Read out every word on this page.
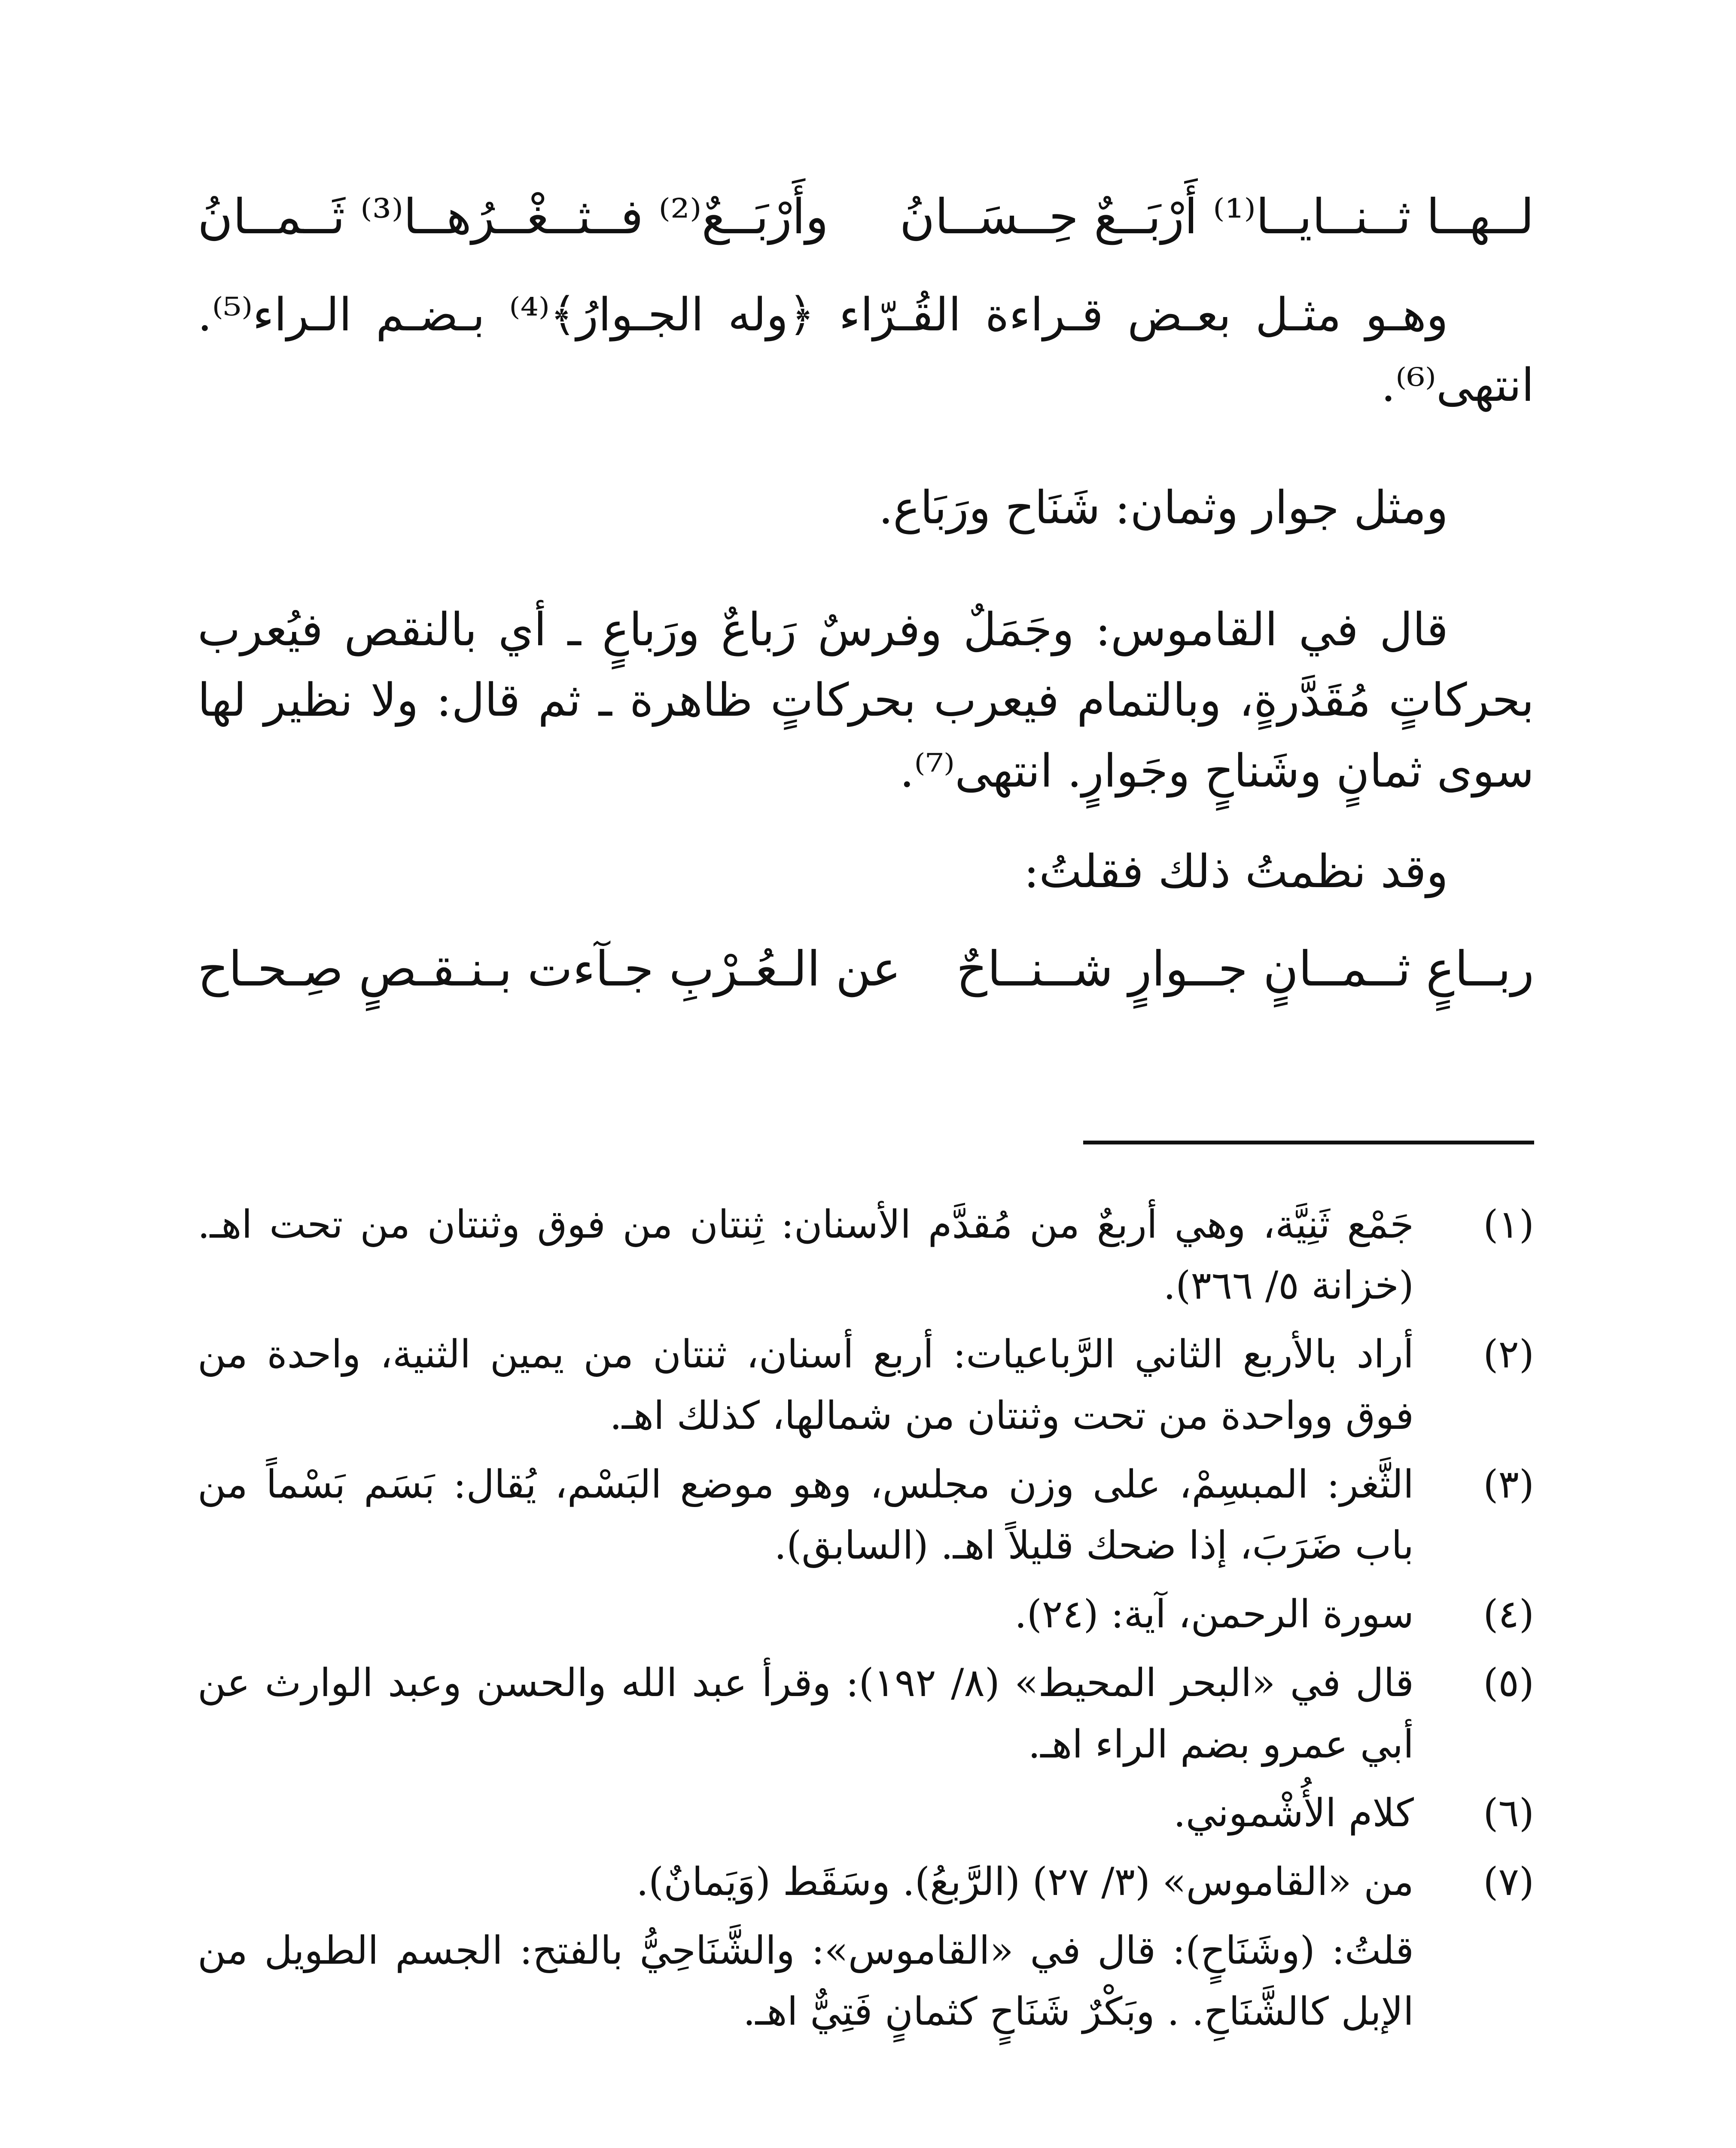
لــهــا ثــنــايــا⁽¹⁾ أَرْبَــعٌ حِــسَــانُ
وأَرْبَــعٌ⁽²⁾ فــثــغْــرُهــا⁽³⁾ ثَــمــانُ

وهـو مثـل بعـض قـراءة القُـرّاء ﴿وله الجـوارُ﴾⁽⁴⁾ بـضـم الـراء⁽⁵⁾. انتهى⁽⁶⁾.

ومثل جوار وثمان: شَنَاح ورَبَاع.

قال في القاموس: وجَمَلٌ وفرسٌ رَباعٌ ورَباعٍ ـ أي بالنقص فيُعرب بحركاتٍ مُقَدَّرةٍ، وبالتمام فيعرب بحركاتٍ ظاهرة ـ ثم قال: ولا نظير لها سوى ثمانٍ وشَناحٍ وجَوارٍ. انتهى⁽⁷⁾.

وقد نظمتُ ذلك فقلتُ:

ربــاعٍ ثــمــانٍ جــوارٍ شــنــاحٌ
عن الـعُـرْبِ جـآءت بـنـقـصٍ صِـحـاح

(١)
جَمْع ثَنِيَّة، وهي أربعٌ من مُقدَّم الأسنان: ثِنتان من فوق وثنتان من تحت اهـ. (خزانة ٥/ ٣٦٦).

(٢)
أراد بالأربع الثاني الرَّباعيات: أربع أسنان، ثنتان من يمين الثنية، واحدة من فوق وواحدة من تحت وثنتان من شمالها، كذلك اهـ.

(٣)
الثَّغر: المبسِمْ، على وزن مجلس، وهو موضع البَسْم، يُقال: بَسَم بَسْماً من باب ضَرَبَ، إذا ضحك قليلاً اهـ. (السابق).

(٤)
سورة الرحمن، آية: (٢٤).

(٥)
قال في «البحر المحيط» (٨/ ١٩٢): وقرأ عبد الله والحسن وعبد الوارث عن أبي عمرو بضم الراء اهـ.

(٦)
كلام الأُشْموني.

(٧)
من «القاموس» (٣/ ٢٧) (الرَّبعُ). وسَقَط (وَيَمانٌ).

قلتُ: (وشَنَاحٍ): قال في «القاموس»: والشَّنَاحِيُّ بالفتح: الجسم الطويل من الإبل كالشَّنَاحِ. . وبَكْرٌ شَنَاحٍ كثمانٍ فَتِيٌّ اهـ.
